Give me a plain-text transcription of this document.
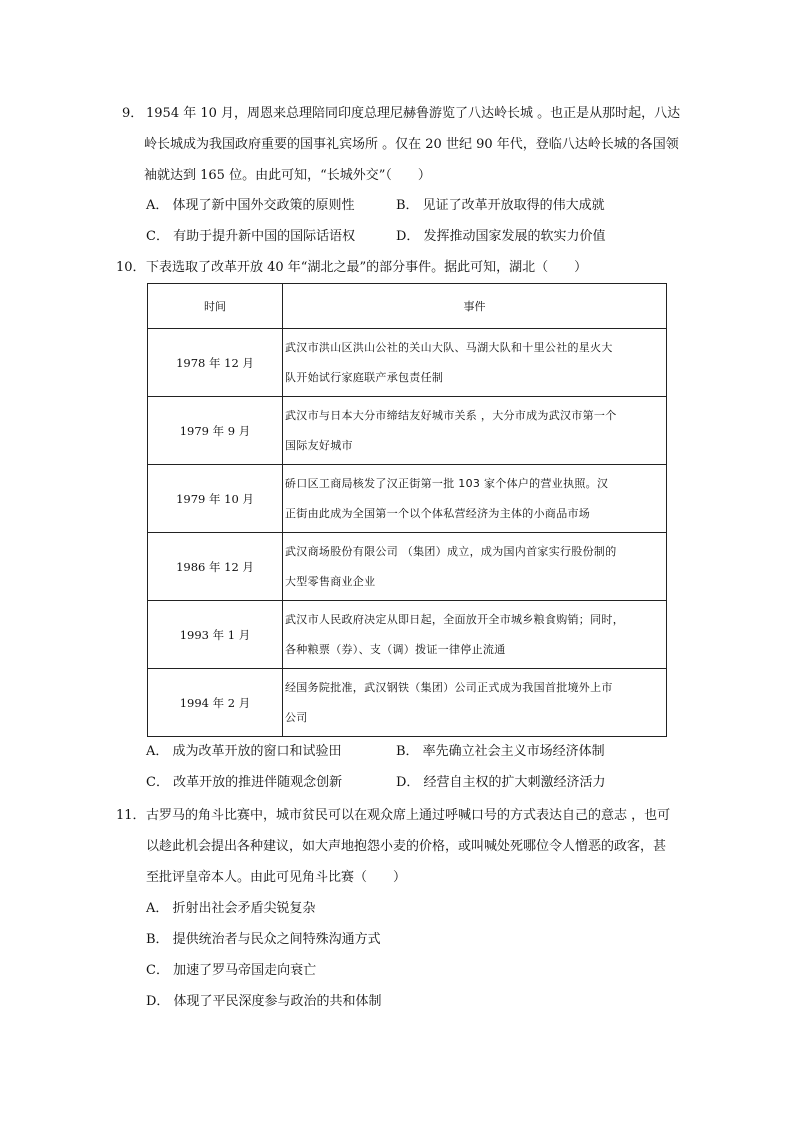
9． 1954 年 10 月，周恩来总理陪同印度总理尼赫鲁游览了八达岭长城 。也正是从那时起，八达
岭长城成为我国政府重要的国事礼宾场所 。仅在 20 世纪 90 年代，登临八达岭长城的各国领
袖就达到 165 位。由此可知，“长城外交”（　　）
A． 体现了新中国外交政策的原则性	B． 见证了改革开放取得的伟大成就
C． 有助于提升新中国的国际话语权	D． 发挥推动国家发展的软实力价值
10． 下表选取了改革开放 40 年“湖北之最”的部分事件。据此可知，湖北（　　）
时间	事件
1978 年 12 月	武汉市洪山区洪山公社的关山大队、马湖大队和十里公社的星火大
队开始试行家庭联产承包责任制

1979 年 9 月	武汉市与日本大分市缔结友好城市关系 ，大分市成为武汉市第一个
国际友好城市

1979 年 10 月	硚口区工商局核发了汉正街第一批 103 家个体户的营业执照。汉
正街由此成为全国第一个以个体私营经济为主体的小商品市场

1986 年 12 月	武汉商场股份有限公司 （集团）成立，成为国内首家实行股份制的
大型零售商业企业

1993 年 1 月	武汉市人民政府决定从即日起，全面放开全市城乡粮食购销；同时，
各种粮票（券）、支（调）拨证一律停止流通

1994 年 2 月	经国务院批准，武汉钢铁（集团）公司正式成为我国首批境外上市
公司
A． 成为改革开放的窗口和试验田	B． 率先确立社会主义市场经济体制
C． 改革开放的推进伴随观念创新	D． 经营自主权的扩大刺激经济活力
11． 古罗马的角斗比赛中，城市贫民可以在观众席上通过呼喊口号的方式表达自己的意志 ，也可
以趁此机会提出各种建议，如大声地抱怨小麦的价格，或叫喊处死哪位令人憎恶的政客，甚
至批评皇帝本人。由此可见角斗比赛（　　）
A． 折射出社会矛盾尖锐复杂
B． 提供统治者与民众之间特殊沟通方式
C． 加速了罗马帝国走向衰亡
D． 体现了平民深度参与政治的共和体制
